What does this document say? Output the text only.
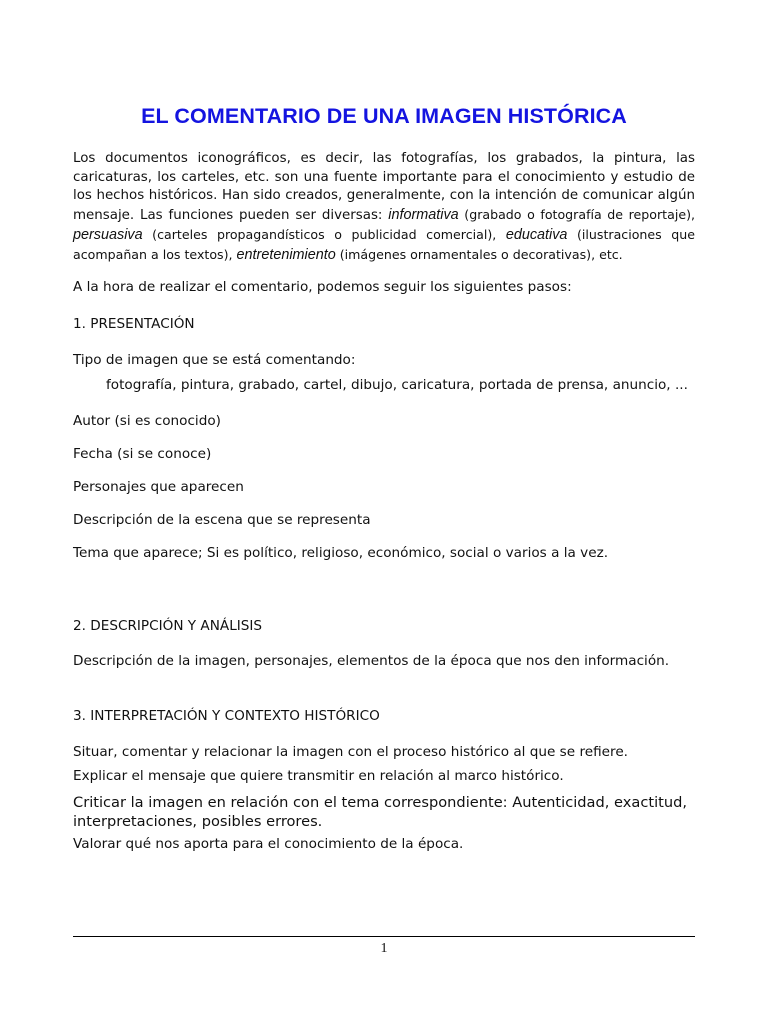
EL COMENTARIO DE UNA IMAGEN HISTÓRICA

Los documentos iconográficos, es decir, las fotografías, los grabados, la pintura, las caricaturas, los carteles, etc. son una fuente importante para el conocimiento y estudio de los hechos históricos. Han sido creados, generalmente, con la intención de comunicar algún mensaje. Las funciones pueden ser diversas: informativa (grabado o fotografía de reportaje), persuasiva (carteles propagandísticos o publicidad comercial), educativa (ilustraciones que acompañan a los textos), entretenimiento (imágenes ornamentales o decorativas), etc.

A la hora de realizar el comentario, podemos seguir los siguientes pasos:

1. PRESENTACIÓN

Tipo de imagen que se está comentando:

fotografía, pintura, grabado, cartel, dibujo, caricatura, portada de prensa, anuncio, ...

Autor (si es conocido)

Fecha (si se conoce)

Personajes que aparecen

Descripción de la escena que se representa

Tema que aparece; Si es político, religioso, económico, social o varios a la vez.

2. DESCRIPCIÓN Y ANÁLISIS

Descripción de la imagen, personajes, elementos de la época que nos den información.

3. INTERPRETACIÓN Y CONTEXTO HISTÓRICO

Situar, comentar y relacionar la imagen con el proceso histórico al que se refiere.

Explicar el mensaje que quiere transmitir en relación al marco histórico.

Criticar la imagen en relación con el tema correspondiente: Autenticidad, exactitud, interpretaciones, posibles errores.

Valorar qué nos aporta para el conocimiento de la época.

1
